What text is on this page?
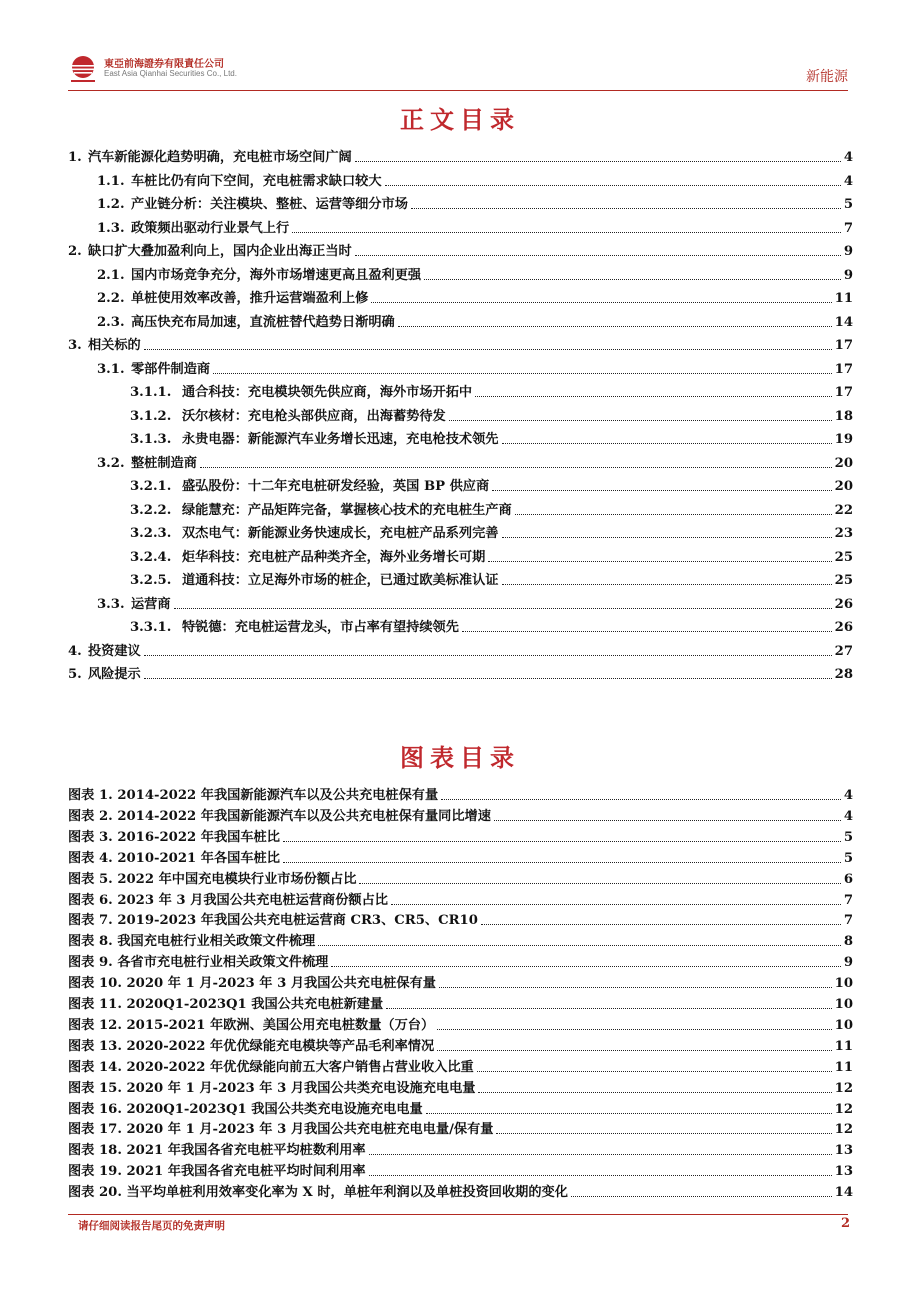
東亞前海證券有限責任公司
East Asia Qianhai Securities Co., Ltd.	新能源
正文目录
1. 汽车新能源化趋势明确，充电桩市场空间广阔	4
1.1. 车桩比仍有向下空间，充电桩需求缺口较大	4
1.2. 产业链分析：关注模块、整桩、运营等细分市场	5
1.3. 政策频出驱动行业景气上行	7
2. 缺口扩大叠加盈利向上，国内企业出海正当时	9
2.1. 国内市场竞争充分，海外市场增速更高且盈利更强	9
2.2. 单桩使用效率改善，推升运营端盈利上修	11
2.3. 高压快充布局加速，直流桩替代趋势日渐明确	14
3. 相关标的	17
3.1. 零部件制造商	17
3.1.1. 通合科技：充电模块领先供应商，海外市场开拓中	17
3.1.2. 沃尔核材：充电枪头部供应商，出海蓄势待发	18
3.1.3. 永贵电器：新能源汽车业务增长迅速，充电枪技术领先	19
3.2. 整桩制造商	20
3.2.1. 盛弘股份：十二年充电桩研发经验，英国 BP 供应商	20
3.2.2. 绿能慧充：产品矩阵完备，掌握核心技术的充电桩生产商	22
3.2.3. 双杰电气：新能源业务快速成长，充电桩产品系列完善	23
3.2.4. 炬华科技：充电桩产品种类齐全，海外业务增长可期	25
3.2.5. 道通科技：立足海外市场的桩企，已通过欧美标准认证	25
3.3. 运营商	26
3.3.1. 特锐德：充电桩运营龙头，市占率有望持续领先	26
4. 投资建议	27
5. 风险提示	28
图表目录
图表 1. 2014-2022 年我国新能源汽车以及公共充电桩保有量	4
图表 2. 2014-2022 年我国新能源汽车以及公共充电桩保有量同比增速	4
图表 3. 2016-2022 年我国车桩比	5
图表 4. 2010-2021 年各国车桩比	5
图表 5. 2022 年中国充电模块行业市场份额占比	6
图表 6. 2023 年 3 月我国公共充电桩运营商份额占比	7
图表 7. 2019-2023 年我国公共充电桩运营商 CR3、CR5、CR10	7
图表 8. 我国充电桩行业相关政策文件梳理	8
图表 9. 各省市充电桩行业相关政策文件梳理	9
图表 10. 2020 年 1 月-2023 年 3 月我国公共充电桩保有量	10
图表 11. 2020Q1-2023Q1 我国公共充电桩新建量	10
图表 12. 2015-2021 年欧洲、美国公用充电桩数量（万台）	10
图表 13. 2020-2022 年优优绿能充电模块等产品毛利率情况	11
图表 14. 2020-2022 年优优绿能向前五大客户销售占营业收入比重	11
图表 15. 2020 年 1 月-2023 年 3 月我国公共类充电设施充电电量	12
图表 16. 2020Q1-2023Q1 我国公共类充电设施充电电量	12
图表 17. 2020 年 1 月-2023 年 3 月我国公共充电桩充电电量/保有量	12
图表 18. 2021 年我国各省充电桩平均桩数利用率	13
图表 19. 2021 年我国各省充电桩平均时间利用率	13
图表 20. 当平均单桩利用效率变化率为 X 时，单桩年利润以及单桩投资回收期的变化	14
请仔细阅读报告尾页的免责声明	2
